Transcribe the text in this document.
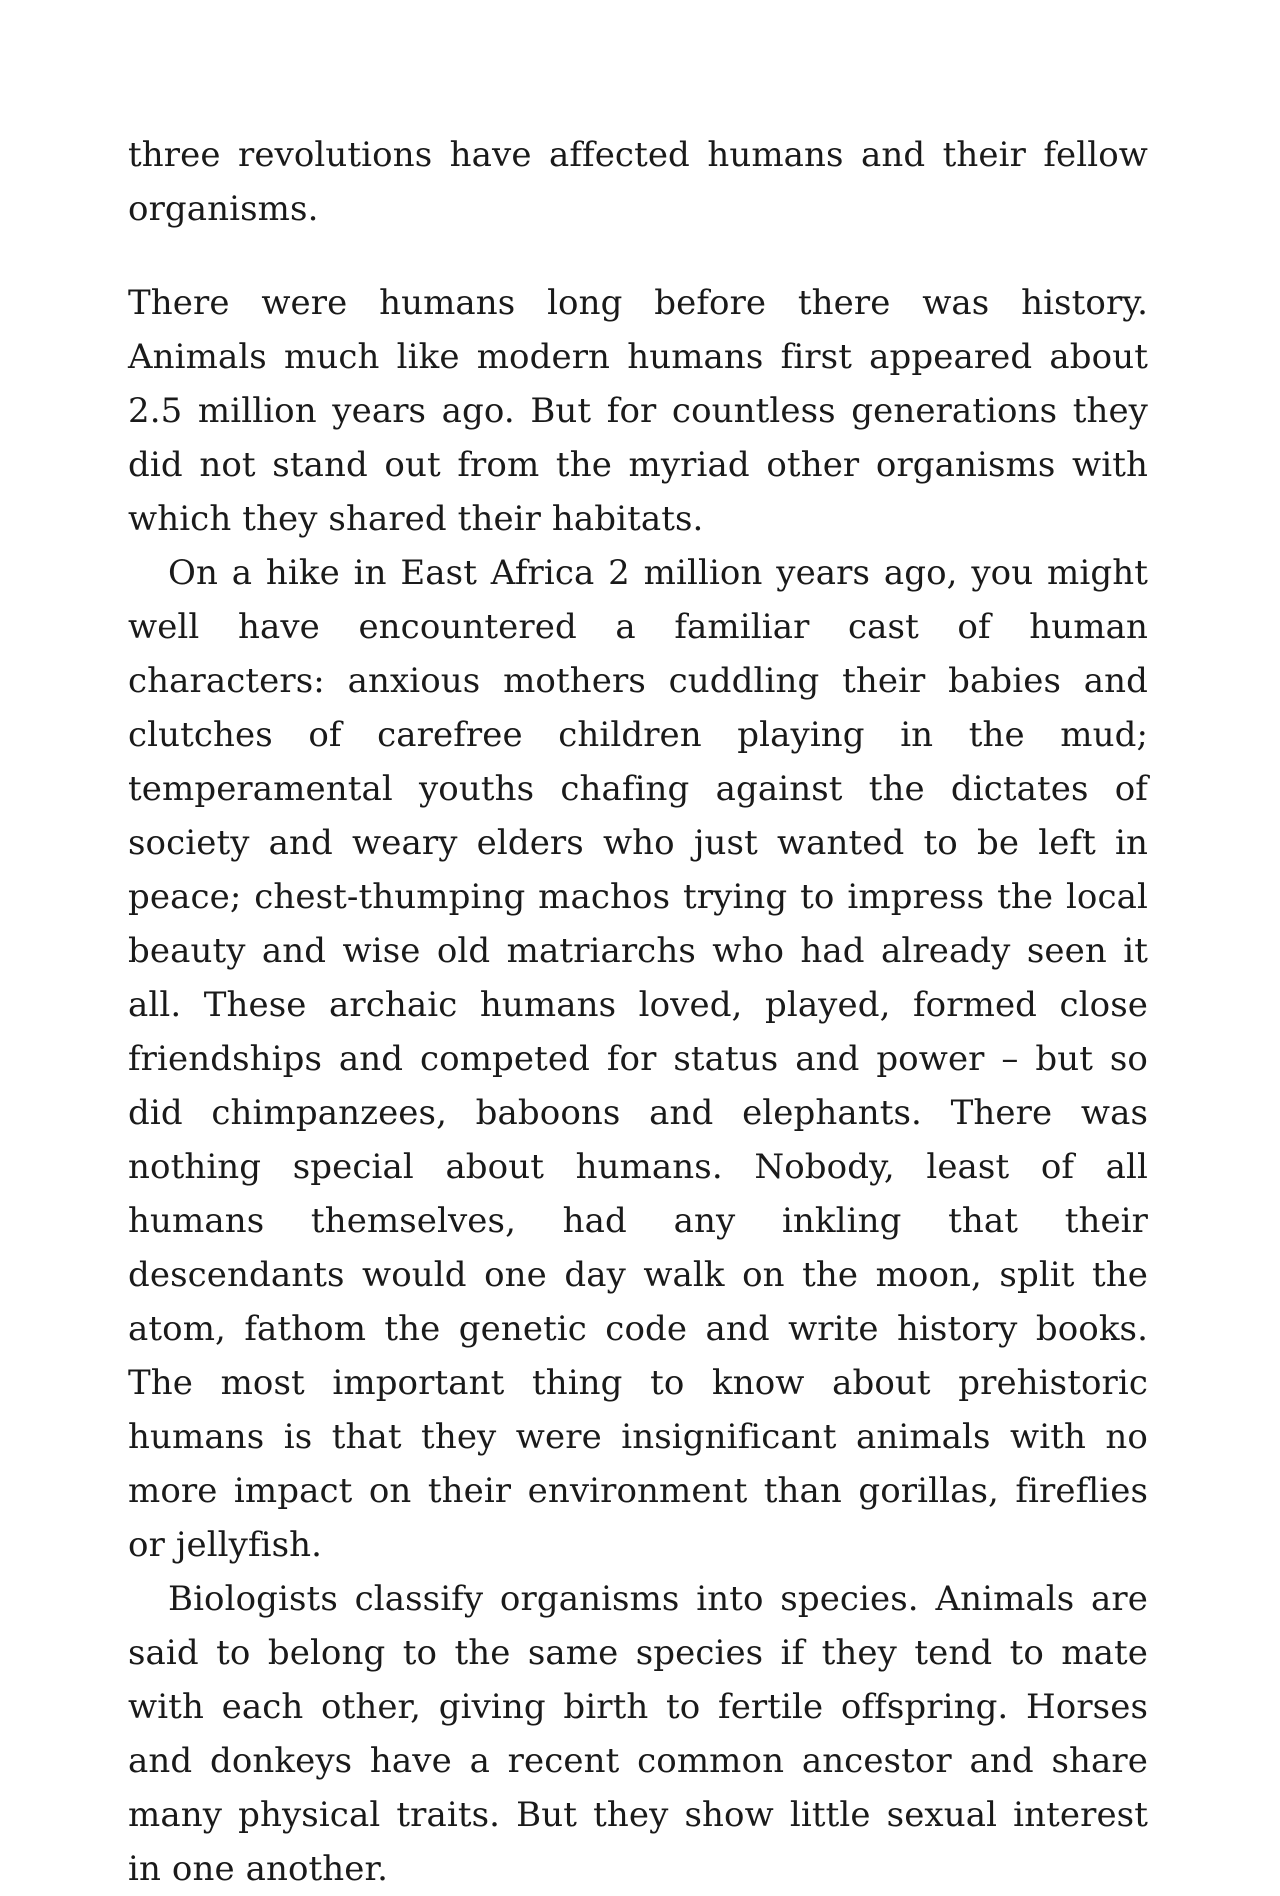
three revolutions have affected humans and their fellow organisms.

There were humans long before there was history. Animals much like modern humans first appeared about 2.5 million years ago. But for countless generations they did not stand out from the myriad other organisms with which they shared their habitats.

On a hike in East Africa 2 million years ago, you might well have encountered a familiar cast of human characters: anxious mothers cuddling their babies and clutches of carefree children playing in the mud; temperamental youths chafing against the dictates of society and weary elders who just wanted to be left in peace; chest-thumping machos trying to impress the local beauty and wise old matriarchs who had already seen it all. These archaic humans loved, played, formed close friendships and competed for status and power – but so did chimpanzees, baboons and elephants. There was nothing special about humans. Nobody, least of all humans themselves, had any inkling that their descendants would one day walk on the moon, split the atom, fathom the genetic code and write history books. The most important thing to know about prehistoric humans is that they were insignificant animals with no more impact on their environment than gorillas, fireflies or jellyfish.

Biologists classify organisms into species. Animals are said to belong to the same species if they tend to mate with each other, giving birth to fertile offspring. Horses and donkeys have a recent common ancestor and share many physical traits. But they show little sexual interest in one another.
